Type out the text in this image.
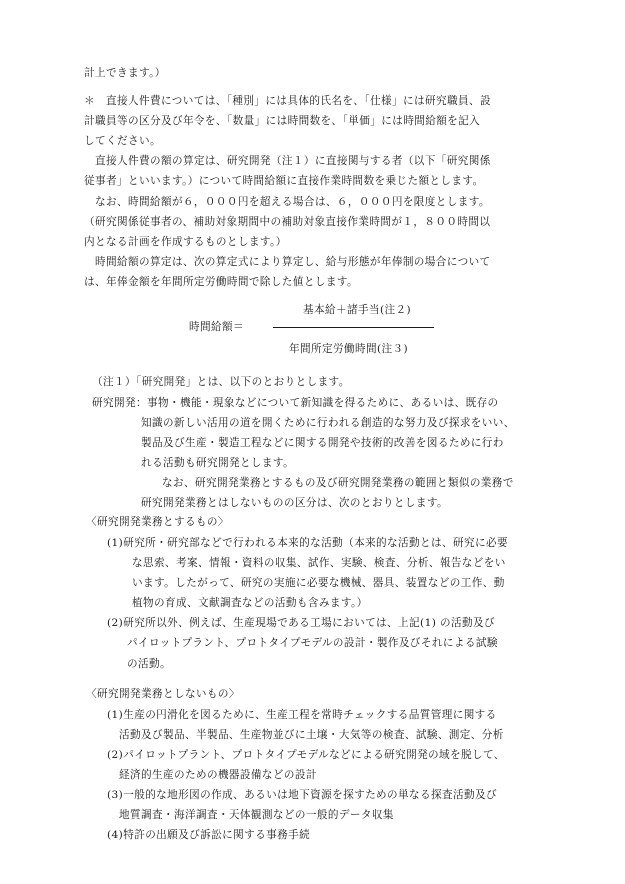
計上できます。）
＊　直接人件費については、「種別」には具体的氏名を、「仕様」には研究職員、設
計職員等の区分及び年令を、「数量」には時間数を、「単価」には時間給額を記入
してください。
　直接人件費の額の算定は、研究開発（注１）に直接関与する者（以下「研究関係
従事者」といいます。）について時間給額に直接作業時間数を乗じた額とします。
　なお、時間給額が６，０００円を超える場合は、６，０００円を限度とします。
（研究関係従事者の、補助対象期間中の補助対象直接作業時間が１，８００時間以
内となる計画を作成するものとします。）
　時間給額の算定は、次の算定式により算定し、給与形態が年俸制の場合について
は、年俸金額を年間所定労働時間で除した値とします。
基本給＋諸手当(注２)
時間給額＝
年間所定労働時間(注３)
（注１）「研究開発」とは、以下のとおりとします。
研究開発：事物・機能・現象などについて新知識を得るために、あるいは、既存の
知識の新しい活用の道を開くために行われる創造的な努力及び探求をいい、
製品及び生産・製造工程などに関する開発や技術的改善を図るために行わ
れる活動も研究開発とします。
　なお、研究開発業務とするもの及び研究開発業務の範囲と類似の業務で
研究開発業務とはしないものの区分は、次のとおりとします。
〈研究開発業務とするもの〉
(1)研究所・研究部などで行われる本来的な活動（本来的な活動とは、研究に必要
な思索、考案、情報・資料の収集、試作、実験、検査、分析、報告などをい
います。したがって、研究の実施に必要な機械、器具、装置などの工作、動
植物の育成、文献調査などの活動も含みます。）
(2)研究所以外、例えば、生産現場である工場においては、上記(1) の活動及び
パイロットプラント、プロトタイプモデルの設計・製作及びそれによる試験
の活動。
〈研究開発業務としないもの〉
(1)生産の円滑化を図るために、生産工程を常時チェックする品質管理に関する
活動及び製品、半製品、生産物並びに土壌・大気等の検査、試験、測定、分析
(2)パイロットプラント、プロトタイプモデルなどによる研究開発の域を脱して、
経済的生産のための機器設備などの設計
(3)一般的な地形図の作成、あるいは地下資源を探すための単なる探査活動及び
地質調査・海洋調査・天体観測などの一般的データ収集
(4)特許の出願及び訴訟に関する事務手続
